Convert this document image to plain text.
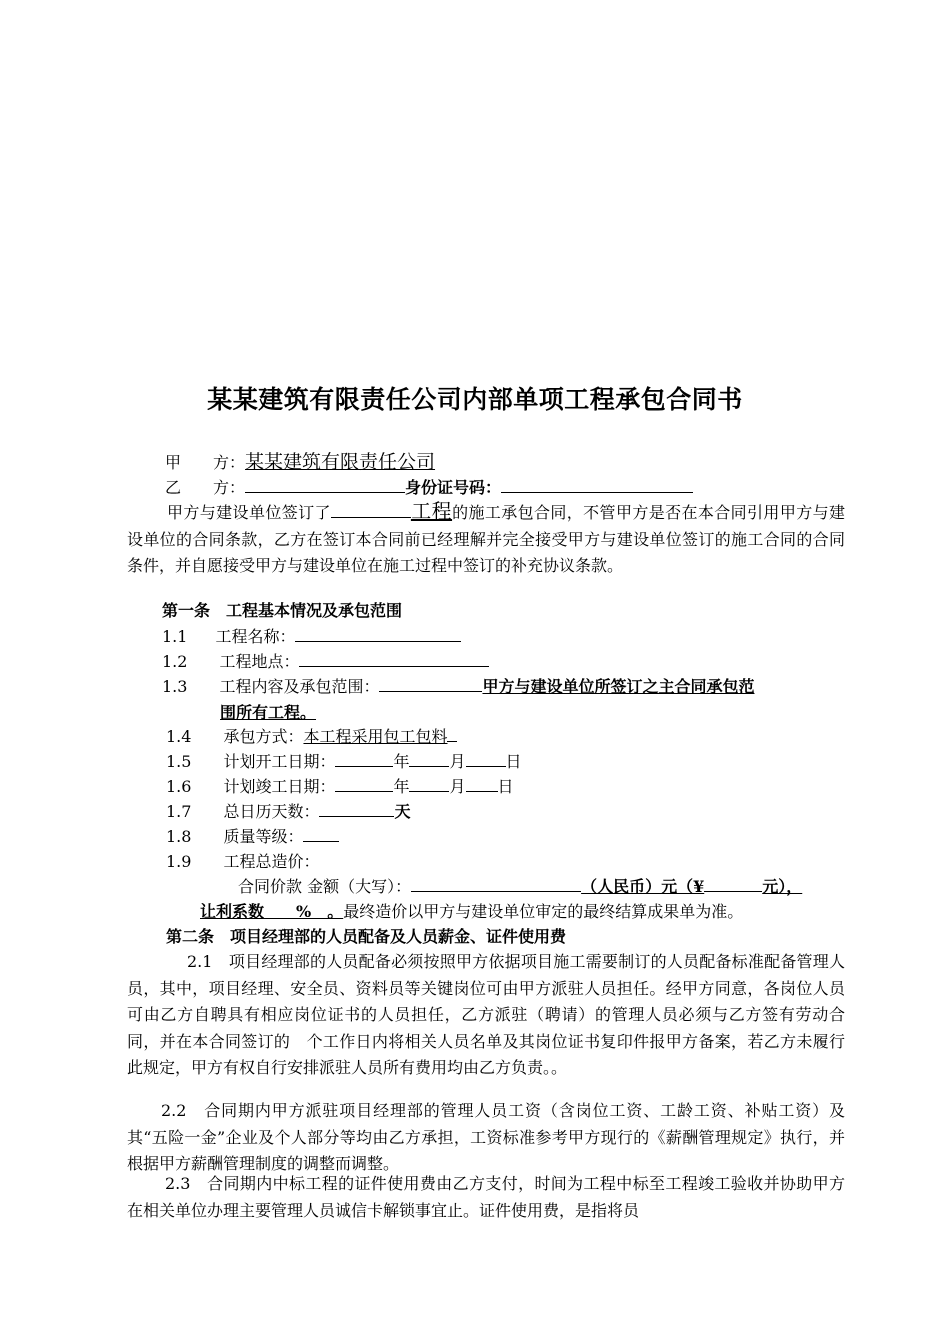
某某建筑有限责任公司内部单项工程承包合同书
甲　　方：某某建筑有限责任公司
乙　　方：	身份证号码：
甲方与建设单位签订了	工程的施工承包合同，不管甲方是否在本合同引用甲方与建设单位的合同条款，乙方在签订本合同前已经理解并完全接受甲方与建设单位签订的施工合同的合同条件，并自愿接受甲方与建设单位在施工过程中签订的补充协议条款。
第一条　工程基本情况及承包范围
1.1 工程名称：
1.2 工程地点：
1.3 工程内容及承包范围：	甲方与建设单位所签订之主合同承包范
围所有工程。
1.4 承包方式：本工程采用包工包料
1.5 计划开工日期：	年	月	日
1.6 计划竣工日期：	年	月 日
1.7 总日历天数：	天
1.8 质量等级：
1.9 工程总造价：
合同价款 金额（大写）：	（人民币）元（¥	元），
让利系数　　%　。最终造价以甲方与建设单位审定的最终结算成果单为准。
第二条　项目经理部的人员配备及人员薪金、证件使用费
2.1　项目经理部的人员配备必须按照甲方依据项目施工需要制订的人员配备标准配备管理人员，其中，项目经理、安全员、资料员等关键岗位可由甲方派驻人员担任。经甲方同意，各岗位人员可由乙方自聘具有相应岗位证书的人员担任，乙方派驻（聘请）的管理人员必须与乙方签有劳动合同，并在本合同签订的　个工作日内将相关人员名单及其岗位证书复印件报甲方备案，若乙方未履行此规定，甲方有权自行安排派驻人员所有费用均由乙方负责。。
2.2　合同期内甲方派驻项目经理部的管理人员工资（含岗位工资、工龄工资、补贴工资）及其“五险一金”企业及个人部分等均由乙方承担，工资标准参考甲方现行的《薪酬管理规定》执行，并根据甲方薪酬管理制度的调整而调整。
2.3　合同期内中标工程的证件使用费由乙方支付，时间为工程中标至工程竣工验收并协助甲方在相关单位办理主要管理人员诚信卡解锁事宜止。证件使用费，是指将员
